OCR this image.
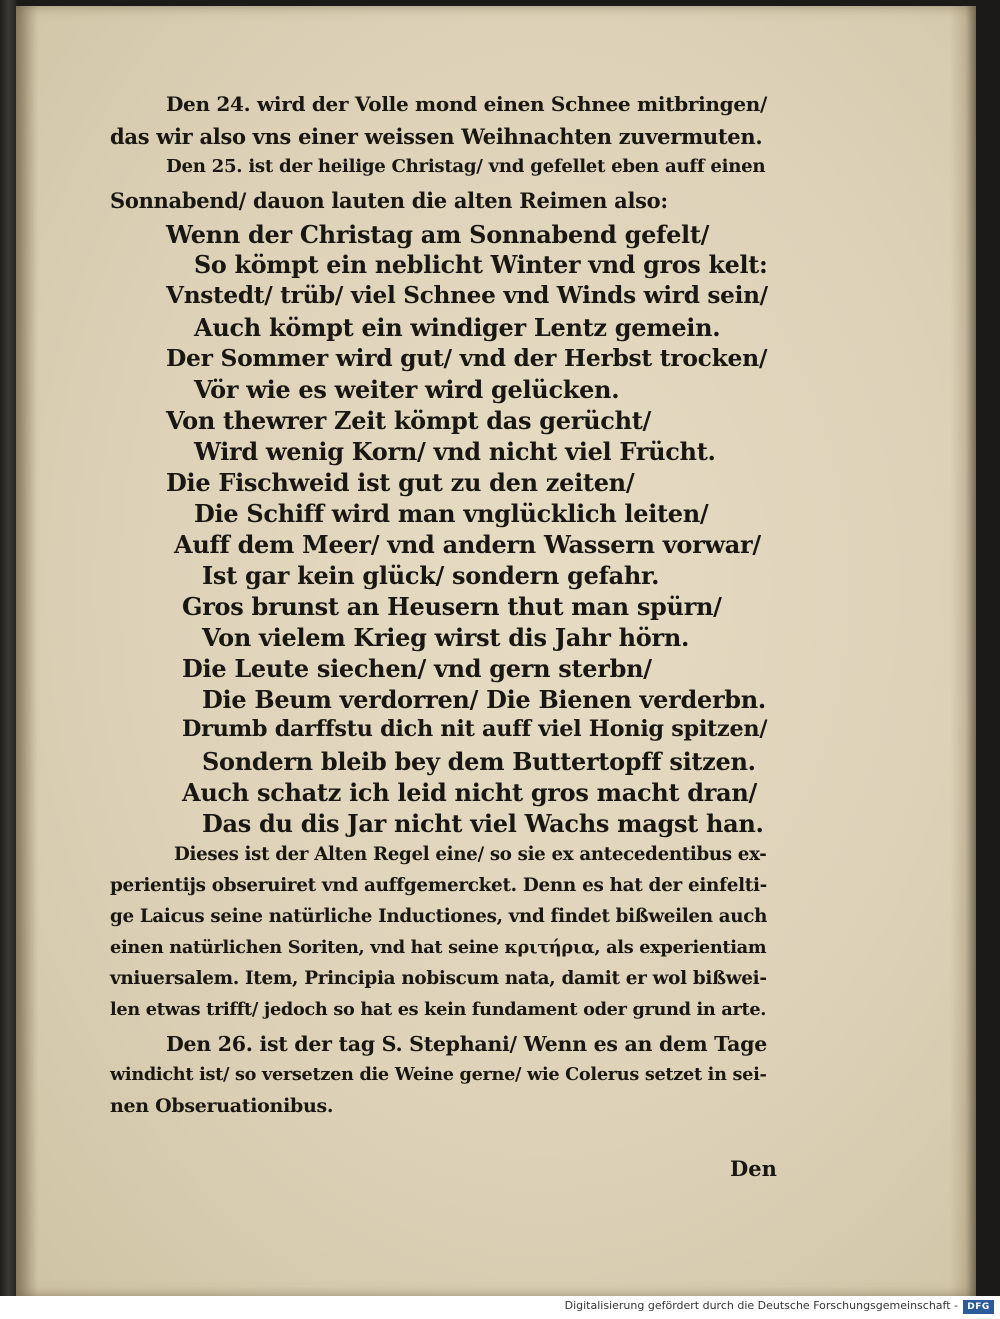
Den 24. wird der Volle mond einen Schnee mitbringen/
das wir also vns einer weissen Weihnachten zuvermuten.
Den 25. ist der heilige Christag/ vnd gefellet eben auff einen
Sonnabend/ dauon lauten die alten Reimen also:
Wenn der Christag am Sonnabend gefelt/
So kömpt ein neblicht Winter vnd gros kelt:
Vnstedt/ trüb/ viel Schnee vnd Winds wird sein/
Auch kömpt ein windiger Lentz gemein.
Der Sommer wird gut/ vnd der Herbst trocken/
Vör wie es weiter wird gelücken.
Von thewrer Zeit kömpt das gerücht/
Wird wenig Korn/ vnd nicht viel Frücht.
Die Fischweid ist gut zu den zeiten/
Die Schiff wird man vnglücklich leiten/
Auff dem Meer/ vnd andern Wassern vorwar/
Ist gar kein glück/ sondern gefahr.
Gros brunst an Heusern thut man spürn/
Von vielem Krieg wirst dis Jahr hörn.
Die Leute siechen/ vnd gern sterbn/
Die Beum verdorren/ Die Bienen verderbn.
Drumb darffstu dich nit auff viel Honig spitzen/
Sondern bleib bey dem Buttertopff sitzen.
Auch schatz ich leid nicht gros macht dran/
Das du dis Jar nicht viel Wachs magst han.
Dieses ist der Alten Regel eine/ so sie ex antecedentibus ex-
perientijs obseruiret vnd auffgemercket. Denn es hat der einfelti-
ge Laicus seine natürliche Inductiones, vnd findet bißweilen auch
einen natürlichen Soriten, vnd hat seine κριτήρια, als experientiam
vniuersalem. Item, Principia nobiscum nata, damit er wol bißwei-
len etwas trifft/ jedoch so hat es kein fundament oder grund in arte.
Den 26. ist der tag S. Stephani/ Wenn es an dem Tage
windicht ist/ so versetzen die Weine gerne/ wie Colerus setzet in sei-
nen Obseruationibus.
Den
Digitalisierung gefördert durch die Deutsche Forschungsgemeinschaft -	DFG
